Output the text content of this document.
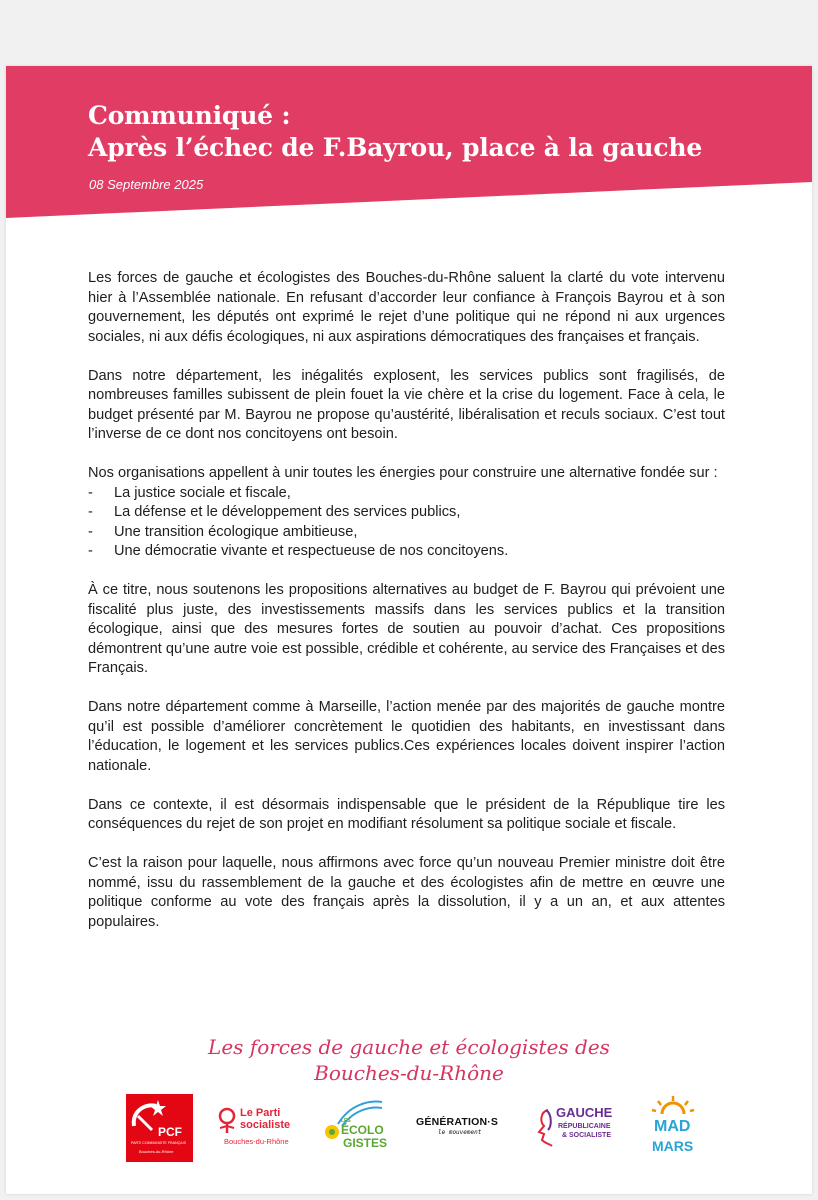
Communiqué :
Après l’échec de F.Bayrou, place à la gauche
08 Septembre 2025

Les forces de gauche et écologistes des Bouches-du-Rhône saluent la clarté du vote intervenu hier à l’Assemblée nationale. En refusant d’accorder leur confiance à François Bayrou et à son gouvernement, les députés ont exprimé le rejet d’une politique qui ne répond ni aux urgences sociales, ni aux défis écologiques, ni aux aspirations démocratiques des françaises et français.

Dans notre département, les inégalités explosent, les services publics sont fragilisés, de nombreuses familles subissent de plein fouet la vie chère et la crise du logement. Face à cela, le budget présenté par M. Bayrou ne propose qu’austérité, libéralisation et reculs sociaux. C’est tout l’inverse de ce dont nos concitoyens ont besoin.

Nos organisations appellent à unir toutes les énergies pour construire une alternative fondée sur :

- La justice sociale et fiscale,
- La défense et le développement des services publics,
- Une transition écologique ambitieuse,
- Une démocratie vivante et respectueuse de nos concitoyens.

À ce titre, nous soutenons les propositions alternatives au budget de F. Bayrou qui prévoient une fiscalité plus juste, des investissements massifs dans les services publics et la transition écologique, ainsi que des mesures fortes de soutien au pouvoir d’achat. Ces propositions démontrent qu’une autre voie est possible, crédible et cohérente, au service des Françaises et des Français.

Dans notre département comme à Marseille, l’action menée par des majorités de gauche montre qu’il est possible d’améliorer concrètement le quotidien des habitants, en investissant dans l’éducation, le logement et les services publics.Ces expériences locales doivent inspirer l’action nationale.

Dans ce contexte, il est désormais indispensable que le président de la République tire les conséquences du rejet de son projet en modifiant résolument sa politique sociale et fiscale.

C’est la raison pour laquelle, nous affirmons avec force qu’un nouveau Premier ministre doit être nommé, issu du rassemblement de la gauche et des écologistes afin de mettre en œuvre une politique conforme au vote des français après la dissolution, il y a un an, et aux attentes populaires.

Les forces de gauche et écologistes des
Bouches-du-Rhône
PCF
PARTI COMMUNISTE FRANÇAIS
Bouches-du-Rhône
Le Parti
socialiste
Bouches-du-Rhône
LES
ÉCOLO
GISTES
GÉNÉRATION·S
le mouvement
GAUCHE
RÉPUBLICAINE
& SOCIALISTE
MAD
MARS
